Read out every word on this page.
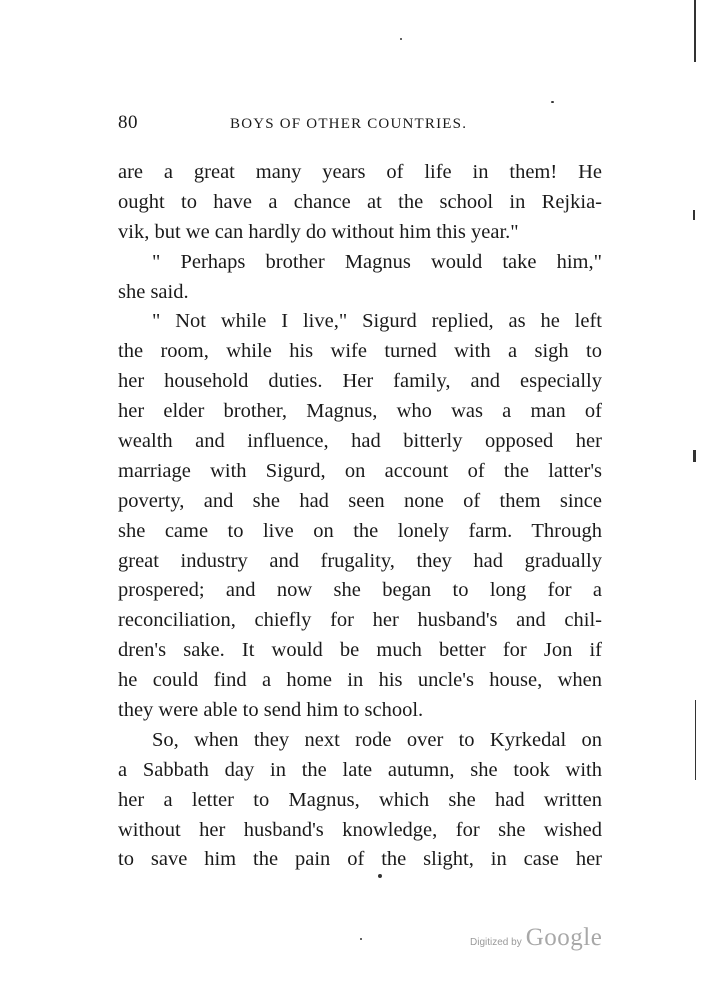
80	BOYS OF OTHER COUNTRIES.
are a great many years of life in them! He
ought to have a chance at the school in Rejkia-
vik, but we can hardly do without him this year."
" Perhaps brother Magnus would take him,"
she said.
" Not while I live," Sigurd replied, as he left
the room, while his wife turned with a sigh to
her household duties. Her family, and especially
her elder brother, Magnus, who was a man of
wealth and influence, had bitterly opposed her
marriage with Sigurd, on account of the latter's
poverty, and she had seen none of them since
she came to live on the lonely farm. Through
great industry and frugality, they had gradually
prospered; and now she began to long for a
reconciliation, chiefly for her husband's and chil-
dren's sake. It would be much better for Jon if
he could find a home in his uncle's house, when
they were able to send him to school.
So, when they next rode over to Kyrkedal on
a Sabbath day in the late autumn, she took with
her a letter to Magnus, which she had written
without her husband's knowledge, for she wished
to save him the pain of the slight, in case her
Digitized by Google
